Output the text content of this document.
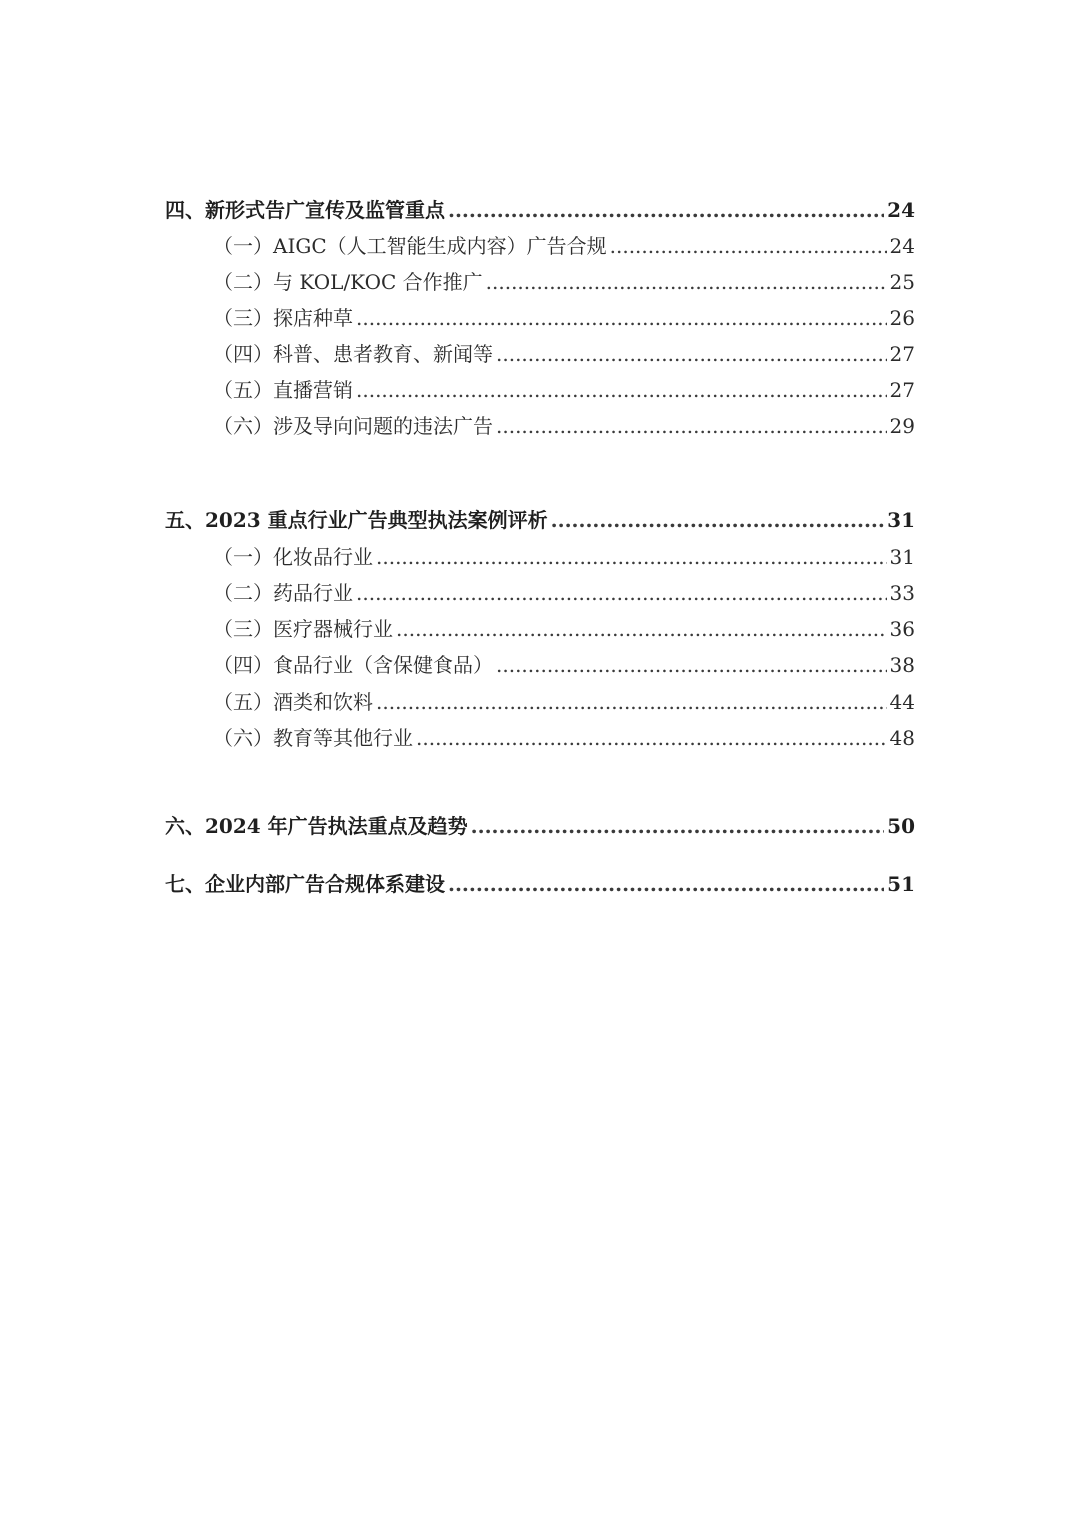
四、新形式告广宣传及监管重点 .....	24
（一）AIGC（人工智能生成内容）广告合规 .....	24
（二）与 KOL/KOC 合作推广 .....	25
（三）探店种草 .....	26
（四）科普、患者教育、新闻等 .....	27
（五）直播营销 .....	27
（六）涉及导向问题的违法广告 .....	29
五、2023 重点行业广告典型执法案例评析 .....	31
（一）化妆品行业 .....	31
（二）药品行业 .....	33
（三）医疗器械行业 .....	36
（四）食品行业（含保健食品） .....	38
（五）酒类和饮料 .....	44
（六）教育等其他行业 .....	48
六、2024 年广告执法重点及趋势 .....	50
七、企业内部广告合规体系建设 .....	51
